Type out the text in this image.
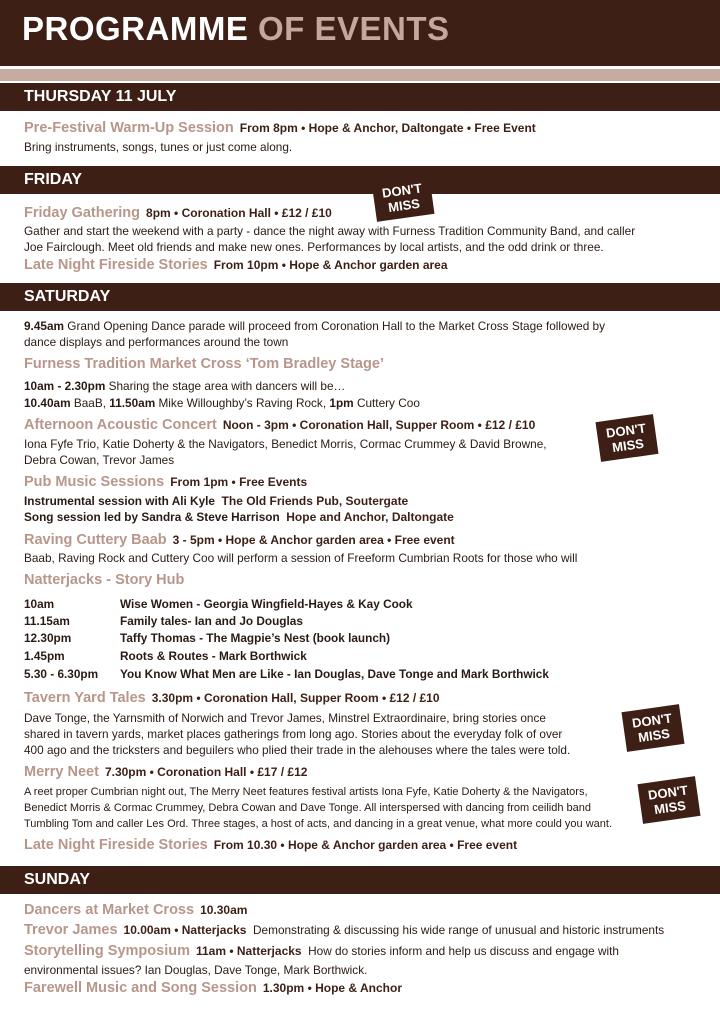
PROGRAMME OF EVENTS
THURSDAY 11 JULY
Pre-Festival Warm-Up Session From 8pm • Hope & Anchor, Daltongate • Free Event
Bring instruments, songs, tunes or just come along.
FRIDAY
DON'T
MISS
Friday Gathering 8pm • Coronation Hall • £12 / £10
Gather and start the weekend with a party - dance the night away with Furness Tradition Community Band, and caller
Joe Fairclough. Meet old friends and make new ones. Performances by local artists, and the odd drink or three.
Late Night Fireside Stories From 10pm • Hope & Anchor garden area
SATURDAY
9.45am Grand Opening Dance parade will proceed from Coronation Hall to the Market Cross Stage followed by
dance displays and performances around the town
Furness Tradition Market Cross ‘Tom Bradley Stage’
10am - 2.30pm Sharing the stage area with dancers will be…
10.40am BaaB, 11.50am Mike Willoughby’s Raving Rock, 1pm Cuttery Coo
DON'T
MISS
Afternoon Acoustic Concert Noon - 3pm • Coronation Hall, Supper Room • £12 / £10
Iona Fyfe Trio, Katie Doherty & the Navigators, Benedict Morris, Cormac Crummey & David Browne,
Debra Cowan, Trevor James
Pub Music Sessions From 1pm • Free Events
Instrumental session with Ali Kyle The Old Friends Pub, Soutergate
Song session led by Sandra & Steve Harrison Hope and Anchor, Daltongate
Raving Cuttery Baab 3 - 5pm • Hope & Anchor garden area • Free event
Baab, Raving Rock and Cuttery Coo will perform a session of Freeform Cumbrian Roots for those who will
Natterjacks - Story Hub
10am	Wise Women - Georgia Wingfield-Hayes & Kay Cook
11.15am	Family tales- Ian and Jo Douglas
12.30pm	Taffy Thomas - The Magpie’s Nest (book launch)
1.45pm	Roots & Routes - Mark Borthwick
5.30 - 6.30pm You Know What Men are Like - Ian Douglas, Dave Tonge and Mark Borthwick
DON'T
MISS
Tavern Yard Tales 3.30pm • Coronation Hall, Supper Room • £12 / £10
Dave Tonge, the Yarnsmith of Norwich and Trevor James, Minstrel Extraordinaire, bring stories once
shared in tavern yards, market places gatherings from long ago. Stories about the everyday folk of over
400 ago and the tricksters and beguilers who plied their trade in the alehouses where the tales were told.
DON'T
MISS
Merry Neet 7.30pm • Coronation Hall • £17 / £12
A reet proper Cumbrian night out, The Merry Neet features festival artists Iona Fyfe, Katie Doherty & the Navigators,
Benedict Morris & Cormac Crummey, Debra Cowan and Dave Tonge. All interspersed with dancing from ceilidh band
Tumbling Tom and caller Les Ord. Three stages, a host of acts, and dancing in a great venue, what more could you want.
Late Night Fireside Stories From 10.30 • Hope & Anchor garden area • Free event
SUNDAY
Dancers at Market Cross 10.30am
Trevor James 10.00am • Natterjacks Demonstrating & discussing his wide range of unusual and historic instruments
Storytelling Symposium 11am • Natterjacks How do stories inform and help us discuss and engage with
environmental issues? Ian Douglas, Dave Tonge, Mark Borthwick.
Farewell Music and Song Session 1.30pm • Hope & Anchor
